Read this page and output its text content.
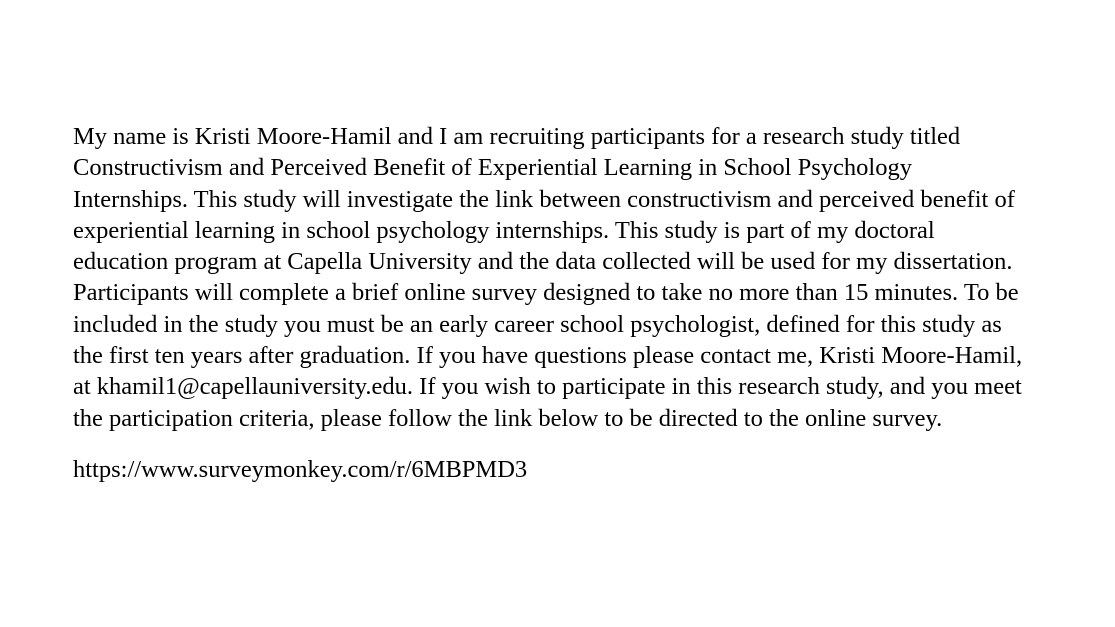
My name is Kristi Moore-Hamil and I am recruiting participants for a research study titled
Constructivism and Perceived Benefit of Experiential Learning in School Psychology
Internships. This study will investigate the link between constructivism and perceived benefit of
experiential learning in school psychology internships. This study is part of my doctoral
education program at Capella University and the data collected will be used for my dissertation.
Participants will complete a brief online survey designed to take no more than 15 minutes. To be
included in the study you must be an early career school psychologist, defined for this study as
the first ten years after graduation. If you have questions please contact me, Kristi Moore-Hamil,
at khamil1@capellauniversity.edu. If you wish to participate in this research study, and you meet
the participation criteria, please follow the link below to be directed to the online survey.
https://www.surveymonkey.com/r/6MBPMD3
